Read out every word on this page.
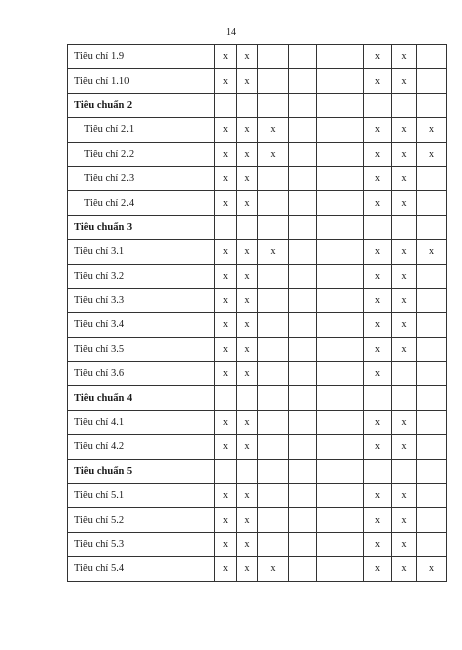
14
Tiêu chí 1.9	x	x				x	x	
Tiêu chí 1.10	x	x				x	x	
Tiêu chuẩn 2								
Tiêu chí 2.1	x	x	x			x	x	x
Tiêu chí 2.2	x	x	x			x	x	x
Tiêu chí 2.3	x	x				x	x	
Tiêu chí 2.4	x	x				x	x	
Tiêu chuẩn 3								
Tiêu chí 3.1	x	x	x			x	x	x
Tiêu chí 3.2	x	x				x	x	
Tiêu chí 3.3	x	x				x	x	
Tiêu chí 3.4	x	x				x	x	
Tiêu chí 3.5	x	x				x	x	
Tiêu chí 3.6	x	x				x		
Tiêu chuẩn 4								
Tiêu chí 4.1	x	x				x	x	
Tiêu chí 4.2	x	x				x	x	
Tiêu chuẩn 5								
Tiêu chí 5.1	x	x				x	x	
Tiêu chí 5.2	x	x				x	x	
Tiêu chí 5.3	x	x				x	x	
Tiêu chí 5.4	x	x	x			x	x	x
